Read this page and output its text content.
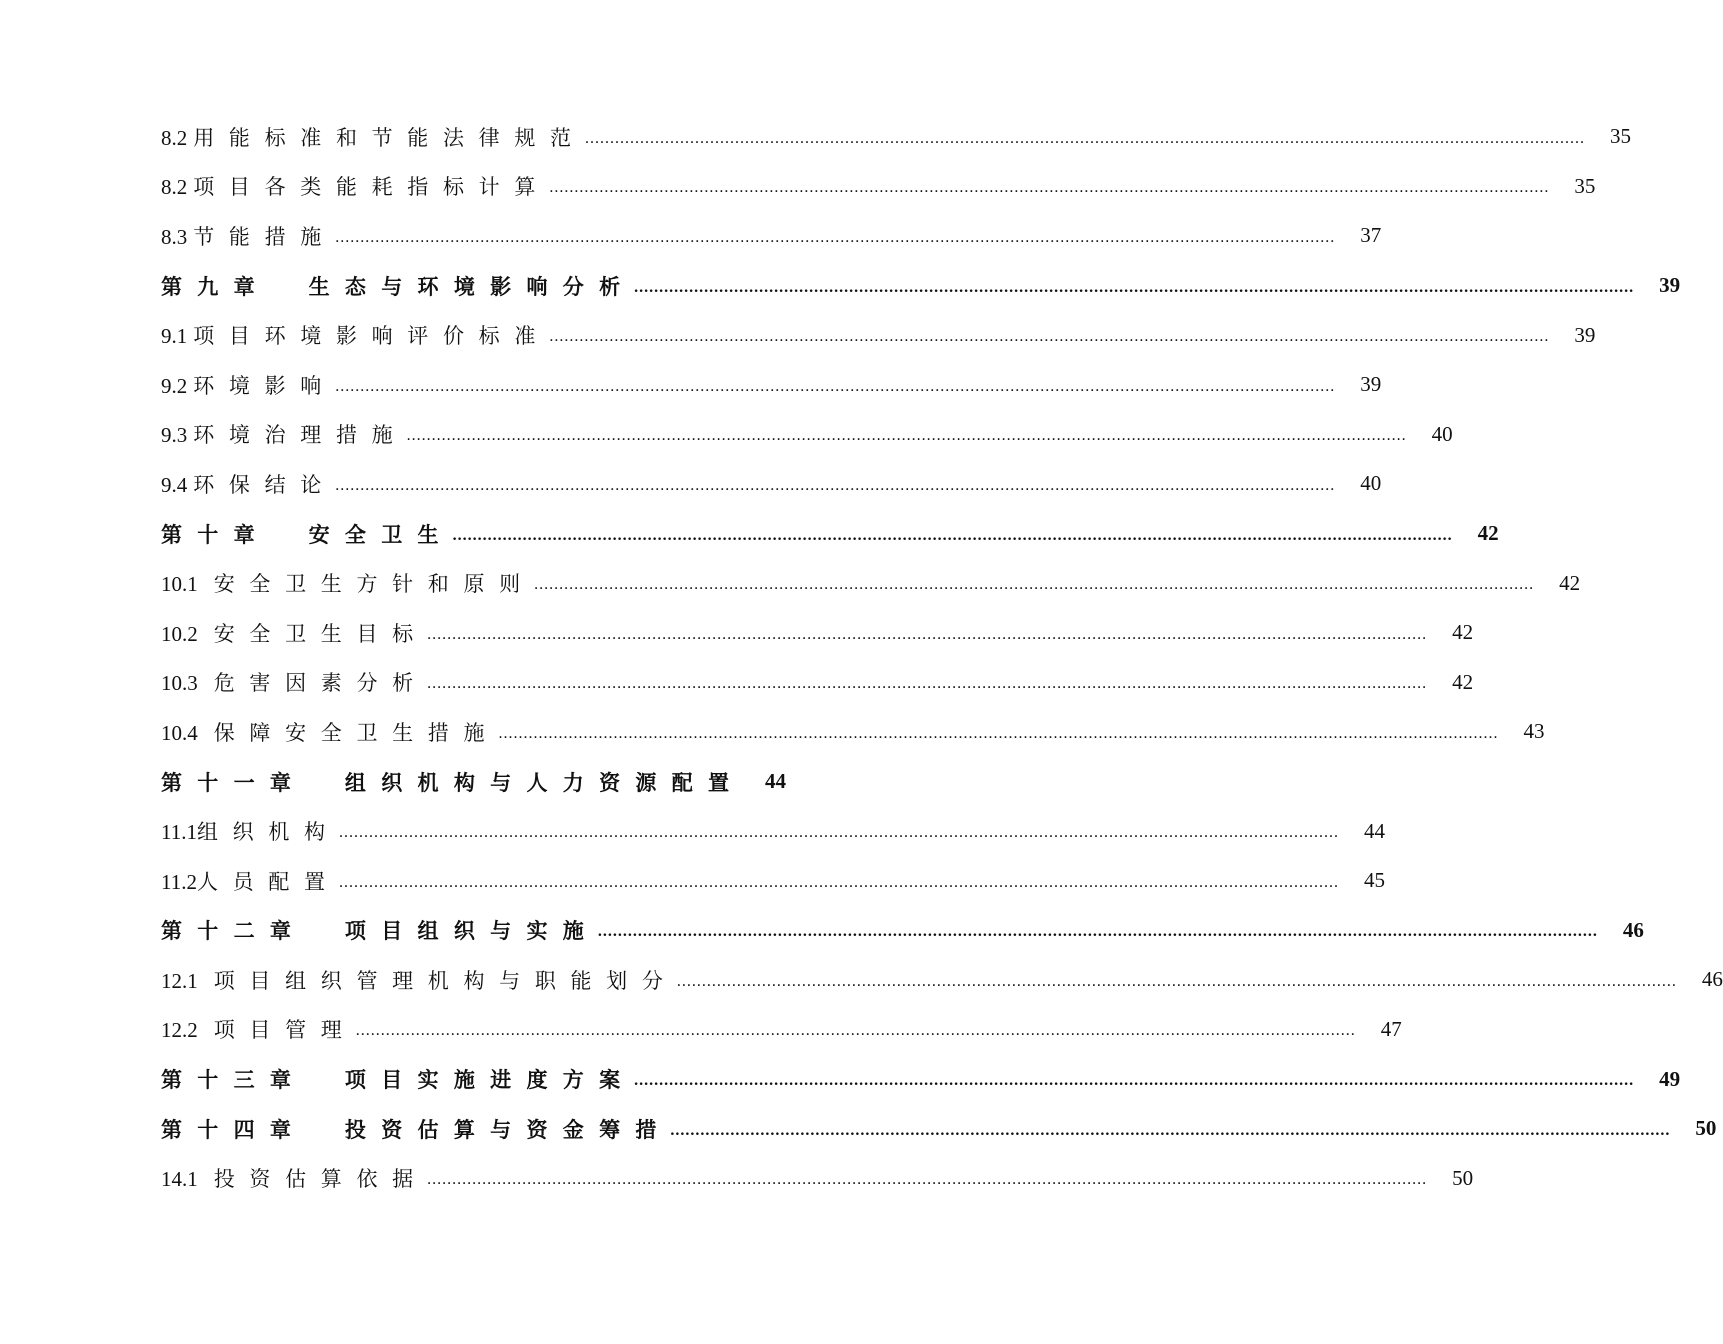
8.2 用 能 标 准 和 节 能 法 律 规 范 ........................................................................................................................................................................................................	35
8.2 项 目 各 类 能 耗 指 标 计 算 ........................................................................................................................................................................................................	35
8.3 节 能 措 施 ........................................................................................................................................................................................................	37
第 九 章　　生 态 与 环 境 影 响 分 析 ........................................................................................................................................................................................................	39
9.1 项 目 环 境 影 响 评 价 标 准 ........................................................................................................................................................................................................	39
9.2 环 境 影 响 ........................................................................................................................................................................................................	39
9.3 环 境 治 理 措 施 ........................................................................................................................................................................................................	40
9.4 环 保 结 论 ........................................................................................................................................................................................................	40
第 十 章　　安 全 卫 生 ........................................................................................................................................................................................................	42
10.1 安 全 卫 生 方 针 和 原 则 ........................................................................................................................................................................................................	42
10.2 安 全 卫 生 目 标 ........................................................................................................................................................................................................	42
10.3 危 害 因 素 分 析 ........................................................................................................................................................................................................	42
10.4 保 障 安 全 卫 生 措 施 ........................................................................................................................................................................................................	43
第 十 一 章　　组 织 机 构 与 人 力 资 源 配 置 44
11.1组 织 机 构 ........................................................................................................................................................................................................	44
11.2人 员 配 置 ........................................................................................................................................................................................................	45
第 十 二 章　　项 目 组 织 与 实 施 ........................................................................................................................................................................................................	46
12.1 项 目 组 织 管 理 机 构 与 职 能 划 分 ........................................................................................................................................................................................................	46
12.2 项 目 管 理 ........................................................................................................................................................................................................	47
第 十 三 章　　项 目 实 施 进 度 方 案 ........................................................................................................................................................................................................	49
第 十 四 章　　投 资 估 算 与 资 金 筹 措 ........................................................................................................................................................................................................	50
14.1 投 资 估 算 依 据 ........................................................................................................................................................................................................	50
